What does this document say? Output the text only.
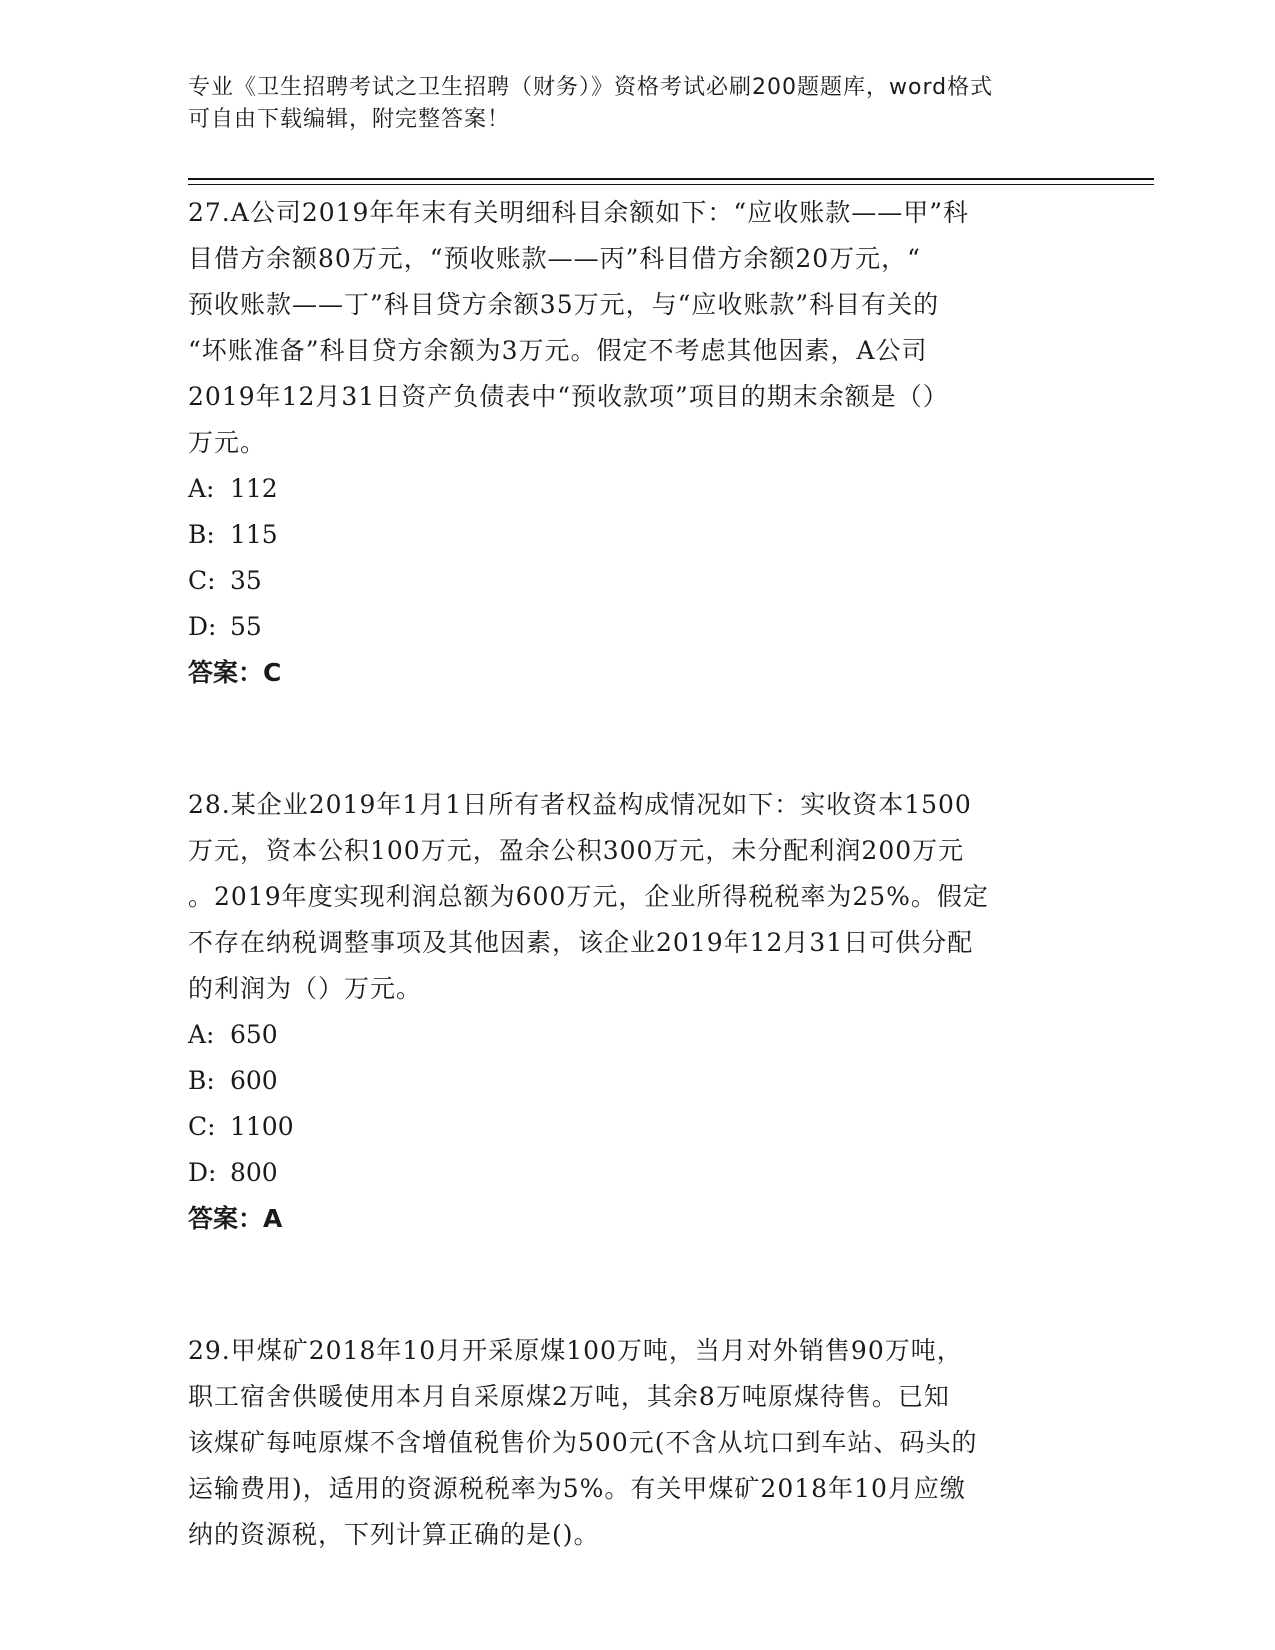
专业《卫生招聘考试之卫生招聘（财务）》资格考试必刷200题题库，word格式
可自由下载编辑，附完整答案！
27.A公司2019年年末有关明细科目余额如下：“应收账款——甲”科
目借方余额80万元，“预收账款——丙”科目借方余额20万元，“
预收账款——丁”科目贷方余额35万元，与“应收账款”科目有关的
“坏账准备”科目贷方余额为3万元。假定不考虑其他因素，A公司
2019年12月31日资产负债表中“预收款项”项目的期末余额是（）
万元。
A: 112
B: 115
C: 35
D: 55
答案：C
28.某企业2019年1月1日所有者权益构成情况如下：实收资本1500
万元，资本公积100万元，盈余公积300万元，未分配利润200万元
。2019年度实现利润总额为600万元，企业所得税税率为25%。假定
不存在纳税调整事项及其他因素，该企业2019年12月31日可供分配
的利润为（）万元。
A: 650
B: 600
C: 1100
D: 800
答案：A
29.甲煤矿2018年10月开采原煤100万吨，当月对外销售90万吨，
职工宿舍供暖使用本月自采原煤2万吨，其余8万吨原煤待售。已知
该煤矿每吨原煤不含增值税售价为500元(不含从坑口到车站、码头的
运输费用)，适用的资源税税率为5%。有关甲煤矿2018年10月应缴
纳的资源税，下列计算正确的是()。
